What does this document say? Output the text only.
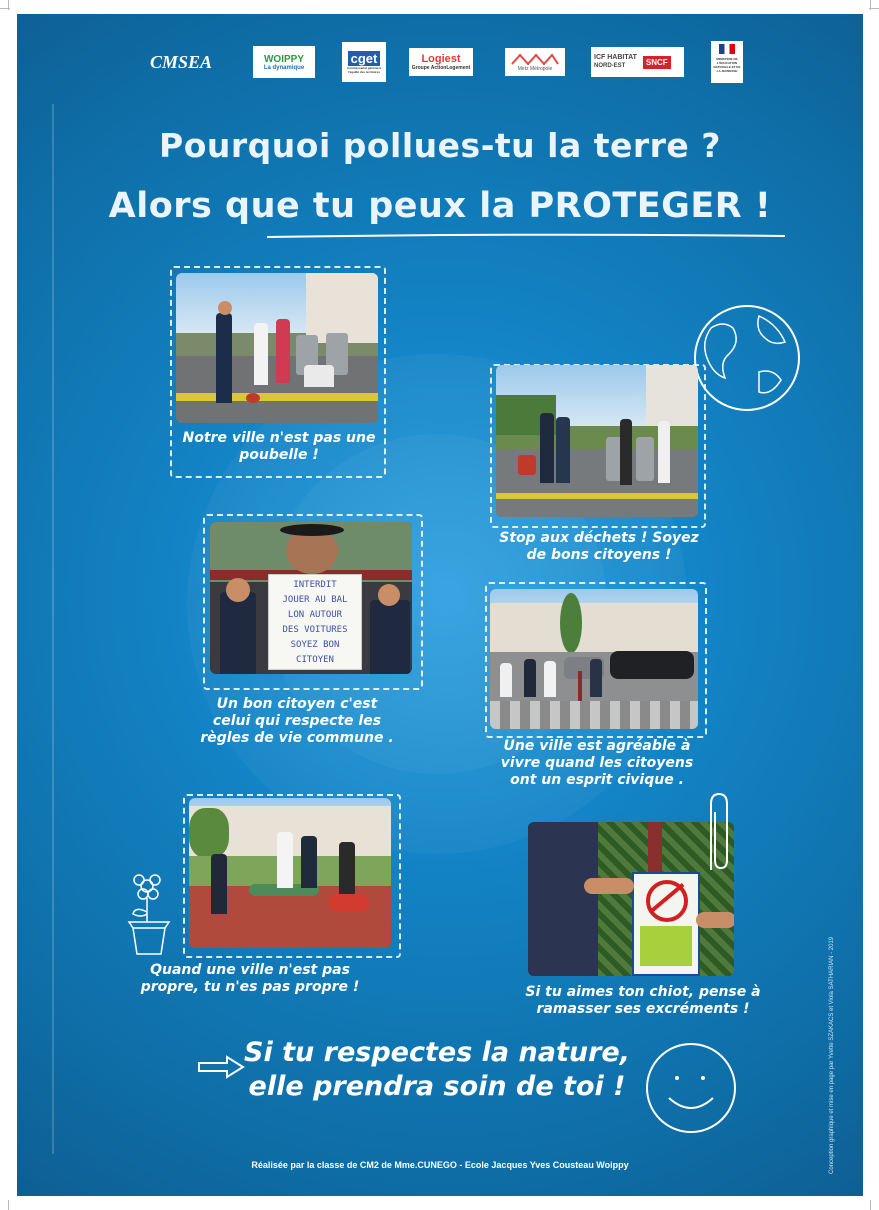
CMSEA	WOIPPY
La dynamique
cget
Commissariat général à l'égalité des territoires
Logiest
Groupe ActionLogement	Metz Métropole
ICF HABITAT
NORD-EST	SNCF	MINISTÈRE DE L'ÉDUCATION NATIONALE ET DE LA JEUNESSE
Pourquoi pollues-tu la terre ?
Alors que tu peux la PROTEGER !
Notre ville n'est pas une poubelle !
Stop aux déchets ! Soyez de bons citoyens !
INTERDIT
JOUER AU BAL
LON AUTOUR
DES VOITURES
SOYEZ BON
CITOYEN
Un bon citoyen c'est celui qui respecte les règles de vie commune .	Une ville est agréable à vivre quand les citoyens ont un esprit civique .
Quand une ville n'est pas propre, tu n'es pas propre !	Si tu aimes ton chiot, pense à ramasser ses excréments !
Si tu respectes la nature,
elle prendra soin de toi !
Réalisée par la classe de CM2 de Mme.CUNEGO - Ecole Jacques Yves Cousteau Woippy	Conception graphique et mise en page par Yvette SZAKACS et Viola SATHARIAN - 2019
